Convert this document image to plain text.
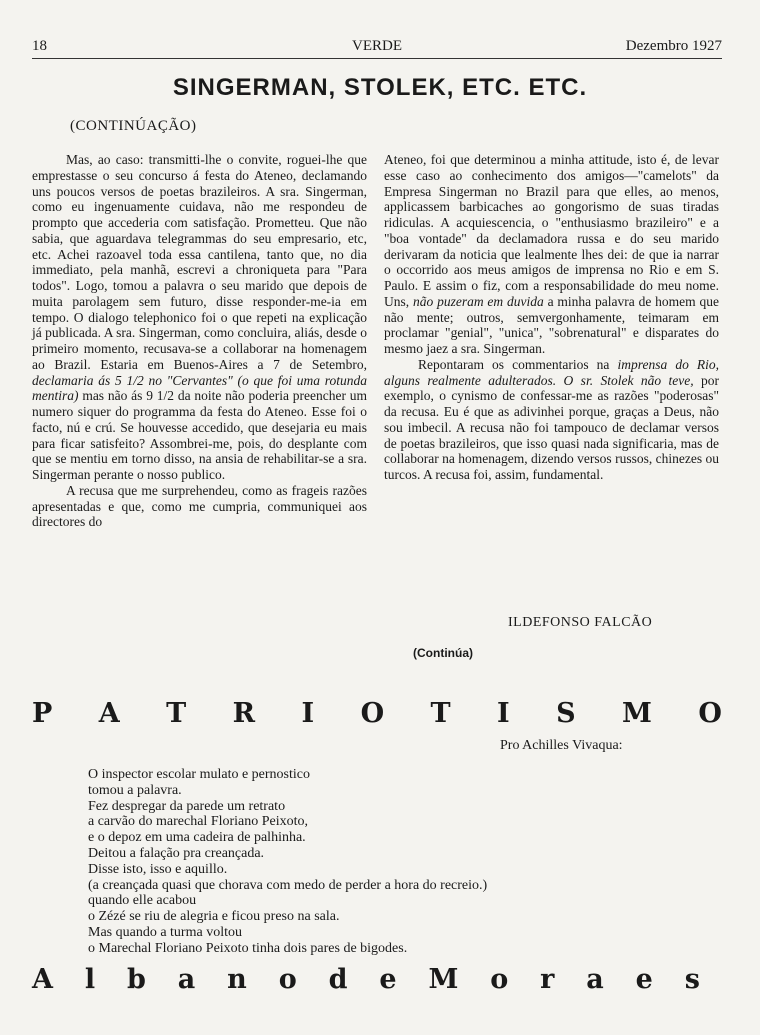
18	VERDE	Dezembro 1927
SINGERMAN, STOLEK, ETC. ETC.
(CONTINÚAÇÃO)

Mas, ao caso: transmitti-lhe o convite, roguei-lhe que emprestasse o seu concurso á festa do Ateneo, declamando uns poucos versos de poetas brazileiros. A sra. Singerman, como eu ingenuamente cuidava, não me respondeu de prompto que accederia com satisfação. Prometteu. Que não sabia, que aguardava telegrammas do seu empresario, etc, etc. Achei razoavel toda essa cantilena, tanto que, no dia immediato, pela manhã, escrevi a chroniqueta para "Para todos". Logo, tomou a palavra o seu marido que depois de muita parolagem sem futuro, disse responder-me-ia em tempo. O dialogo telephonico foi o que repeti na explicação já publicada. A sra. Singerman, como concluira, aliás, desde o primeiro momento, recusava-se a collaborar na homenagem ao Brazil. Estaria em Buenos-Aires a 7 de Setembro, declamaria ás 5 1/2 no "Cervantes" (o que foi uma rotunda mentira) mas não ás 9 1/2 da noite não poderia preencher um numero siquer do programma da festa do Ateneo. Esse foi o facto, nú e crú. Se houvesse accedido, que desejaria eu mais para ficar satisfeito? Assombrei-me, pois, do desplante com que se mentiu em torno disso, na ansia de rehabilitar-se a sra. Singerman perante o nosso publico.

A recusa que me surprehendeu, como as frageis razões apresentadas e que, como me cumpria, communiquei aos directores do

Ateneo, foi que determinou a minha attitude, isto é, de levar esse caso ao conhecimento dos amigos—"camelots" da Empresa Singerman no Brazil para que elles, ao menos, applicassem barbicaches ao gongorismo de suas tiradas ridiculas. A acquiescencia, o "enthusiasmo brazileiro" e a "boa vontade" da declamadora russa e do seu marido derivaram da noticia que lealmente lhes dei: de que ia narrar o occorrido aos meus amigos de imprensa no Rio e em S. Paulo. E assim o fiz, com a responsabilidade do meu nome. Uns, não puzeram em duvida a minha palavra de homem que não mente; outros, semvergonhamente, teimaram em proclamar "genial", "unica", "sobrenatural" e disparates do mesmo jaez a sra. Singerman.

Repontaram os commentarios na imprensa do Rio, alguns realmente adulterados. O sr. Stolek não teve, por exemplo, o cynismo de confessar-me as razões "poderosas" da recusa. Eu é que as adivinhei porque, graças a Deus, não sou imbecil. A recusa não foi tampouco de declamar versos de poetas brazileiros, que isso quasi nada significaria, mas de collaborar na homenagem, dizendo versos russos, chinezes ou turcos. A recusa foi, assim, fundamental.

ILDEFONSO FALCÃO
(Continúa)
P A T R I O T I S M O
Pro Achilles Vivaqua:
O inspector escolar mulato e pernostico
tomou a palavra.
Fez despregar da parede um retrato
a carvão do marechal Floriano Peixoto,
e o depoz em uma cadeira de palhinha.
Deitou a falação pra creançada.
Disse isto, isso e aquillo.
(a creançada quasi que chorava com medo de perder a hora do recreio.)
quando elle acabou
o Zézé se riu de alegria e ficou preso na sala.
Mas quando a turma voltou
o Marechal Floriano Peixoto tinha dois pares de bigodes.
A l b a n o d e M o r a e s
